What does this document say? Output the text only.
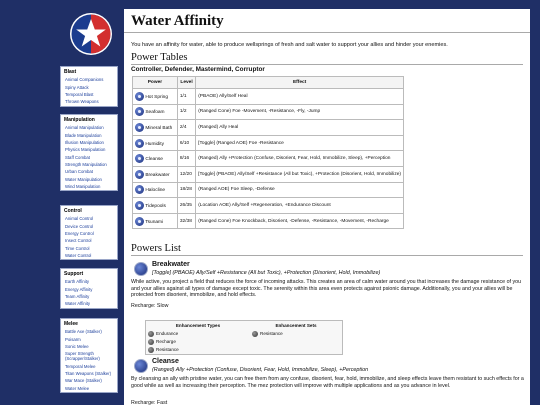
Blast
Animal Companions
Spiny Attack
Temporal Blast
Thrown Weapons
Manipulation
Animal Manipulation
Blade Manipulation
Illusion Manipulation
Physics Manipulation
Staff Combat
Strength Manipulation
Urban Combat
Water Manipulation
Wind Manipulation
Control
Animal Control
Device Control
Energy Control
Insect Control
Time Control
Water Control
Support
Earth Affinity
Energy Affinity
Team Affinity
Water Affinity
Melee
Battle Axe (Stalker)
Poisarm
Sonic Melee
Super Strength (Scrapper/Stalker)
Temporal Melee
Titan Weapons (Stalker)
War Mace (Stalker)
Water Melee
Water Affinity

You have an affinity for water, able to produce wellsprings of fresh and salt water to support your allies and hinder your enemies.

Power Tables
Controller, Defender, Mastermind, Corruptor
Power	Level	Effect
Hot Spring	1/1	(PBAOE) Ally/Self Heal
Seafoam	1/2	(Ranged Cone) Foe -Movement, -Resistance, -Fly, -Jump
Mineral Bath	2/4	(Ranged) Ally Heal
Humidity	6/10	[Toggle] (Ranged AOE) Foe -Resistance
Cleanse	8/16	(Ranged) Ally +Protection (Confuse, Disorient, Fear, Hold, Immobilize, Sleep), +Perception
Breakwater	12/20	[Toggle] (PBAOE) Ally/Self +Resistance (All but Toxic), +Protection (Disorient, Hold, Immobilize)
Halocline	18/28	(Ranged AOE) Foe Sleep, -Defense
Tidepools	26/35	(Location AOE) Ally/Self +Regeneration, +Endurance Discount
Tsunami	32/38	(Ranged Cone) Foe Knockback, Disorient, -Defense, -Resistance, -Movement, -Recharge
Powers List
Breakwater
[Toggle] (PBAOE) Ally/Self +Resistance (All but Toxic), +Protection (Disorient, Hold, Immobilize)
While active, you project a field that reduces the force of incoming attacks. This creates an area of calm water around you that increases the damage resistance of you and your allies against all types of damage except toxic. The serenity within this area even protects against psionic damage. Additionally, you and your allies will be protected from disorient, immobilize, and hold effects.
Recharge: Slow
Enhancement Types	Enhancement Sets
Endurance	Resistance
Recharge	
Resistance	
Cleanse
(Ranged) Ally +Protection (Confuse, Disorient, Fear, Hold, Immobilize, Sleep), +Perception
By cleansing an ally with pristine water, you can free them from any confuse, disorient, fear, hold, immobilize, and sleep effects leave them resistant to such effects for a good while as well as increasing their perception. The mez protection will improve with multiple applications and as you advance in level.
Recharge: Fast
